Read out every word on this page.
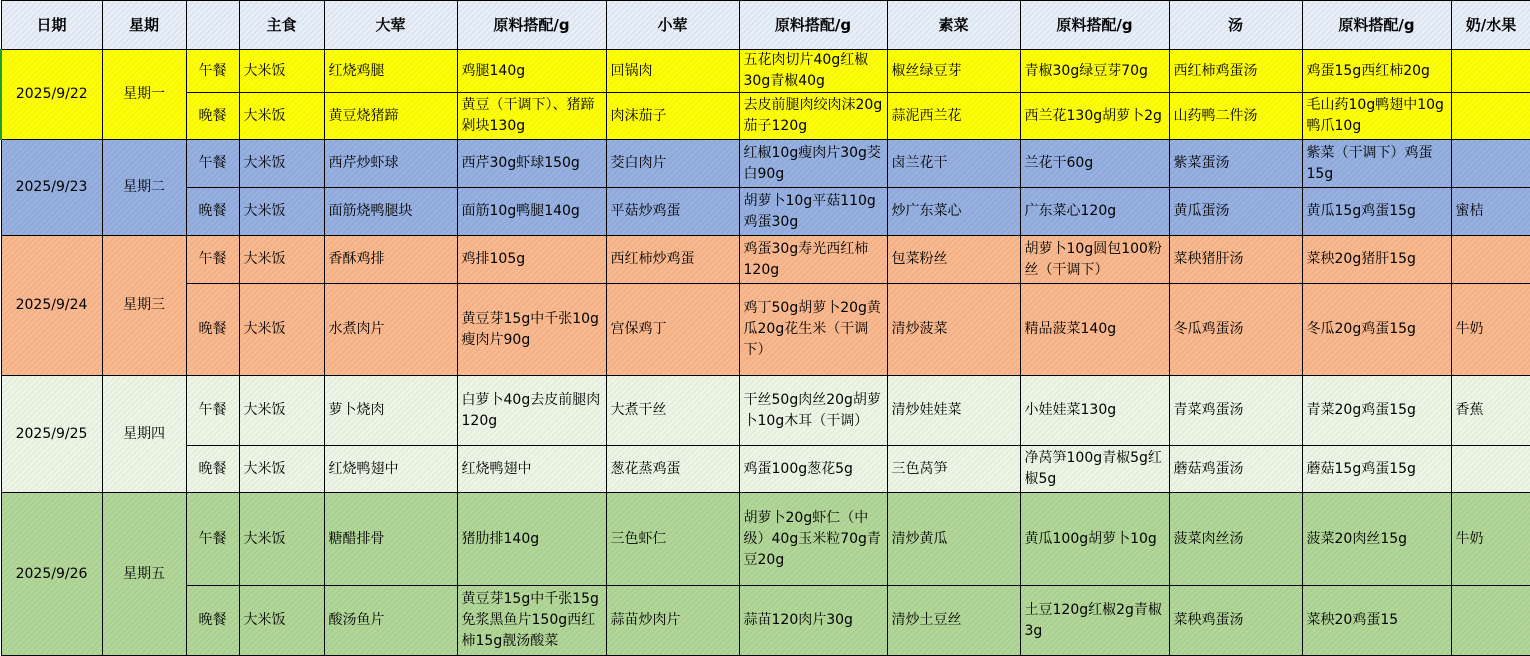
日期	星期		主食	大荤	原料搭配/g	小荤	原料搭配/g	素菜	原料搭配/g	汤	原料搭配/g	奶/水果
2025/9/22	星期一	午餐	大米饭	红烧鸡腿	鸡腿140g	回锅肉	五花肉切片40g红椒30g青椒40g	椒丝绿豆芽	青椒30g绿豆芽70g	西红柿鸡蛋汤	鸡蛋15g西红柿20g	
		晚餐	大米饭	黄豆烧猪蹄	黄豆（干调下）、猪蹄剁块130g	肉沫茄子	去皮前腿肉绞肉沫20g茄子120g	蒜泥西兰花	西兰花130g胡萝卜2g	山药鸭二件汤	毛山药10g鸭翅中10g鸭爪10g	
2025/9/23	星期二	午餐	大米饭	西芹炒虾球	西芹30g虾球150g	茭白肉片	红椒10g瘦肉片30g茭白90g	卤兰花干	兰花干60g	紫菜蛋汤	紫菜（干调下）鸡蛋15g	
		晚餐	大米饭	面筋烧鸭腿块	面筋10g鸭腿140g	平菇炒鸡蛋	胡萝卜10g平菇110g鸡蛋30g	炒广东菜心	广东菜心120g	黄瓜蛋汤	黄瓜15g鸡蛋15g	蜜桔
2025/9/24	星期三	午餐	大米饭	香酥鸡排	鸡排105g	西红柿炒鸡蛋	鸡蛋30g寿光西红柿120g	包菜粉丝	胡萝卜10g圆包100粉丝（干调下）	菜秧猪肝汤	菜秧20g猪肝15g	
		晚餐	大米饭	水煮肉片	黄豆芽15g中千张10g瘦肉片90g	宫保鸡丁	鸡丁50g胡萝卜20g黄瓜20g花生米（干调下）	清炒菠菜	精品菠菜140g	冬瓜鸡蛋汤	冬瓜20g鸡蛋15g	牛奶
2025/9/25	星期四	午餐	大米饭	萝卜烧肉	白萝卜40g去皮前腿肉120g	大煮干丝	干丝50g肉丝20g胡萝卜10g木耳（干调）	清炒娃娃菜	小娃娃菜130g	青菜鸡蛋汤	青菜20g鸡蛋15g	香蕉
		晚餐	大米饭	红烧鸭翅中	红烧鸭翅中	葱花蒸鸡蛋	鸡蛋100g葱花5g	三色莴笋	净莴笋100g青椒5g红椒5g	蘑菇鸡蛋汤	蘑菇15g鸡蛋15g	
2025/9/26	星期五	午餐	大米饭	糖醋排骨	猪肋排140g	三色虾仁	胡萝卜20g虾仁（中级）40g玉米粒70g青豆20g	清炒黄瓜	黄瓜100g胡萝卜10g	菠菜肉丝汤	菠菜20肉丝15g	牛奶
		晚餐	大米饭	酸汤鱼片	黄豆芽15g中千张15g免浆黑鱼片150g西红柿15g靓汤酸菜	蒜苗炒肉片	蒜苗120肉片30g	清炒土豆丝	土豆120g红椒2g青椒3g	菜秧鸡蛋汤	菜秧20鸡蛋15	
